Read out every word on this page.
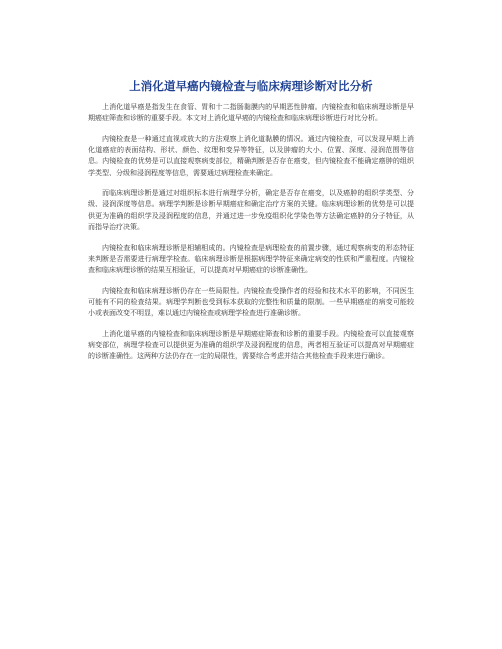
上消化道早癌内镜检查与临床病理诊断对比分析

上消化道早癌是指发生在食管、胃和十二指肠黏膜内的早期恶性肿瘤。内镜检查和临床病理诊断是早期癌症筛查和诊断的重要手段。本文对上消化道早癌的内镜检查和临床病理诊断进行对比分析。

内镜检查是一种通过直视或放大的方法观察上消化道黏膜的情况。通过内镜检查，可以发现早期上消化道癌症的表面结构、形状、颜色、纹理和变异等特征，以及肿瘤的大小、位置、深度、浸润范围等信息。内镜检查的优势是可以直接观察病变部位，精确判断是否存在癌变，但内镜检查不能确定癌肿的组织学类型、分级和浸润程度等信息，需要通过病理检查来确定。

而临床病理诊断是通过对组织标本进行病理学分析，确定是否存在癌变，以及癌肿的组织学类型、分级、浸润深度等信息。病理学判断是诊断早期癌症和确定治疗方案的关键。临床病理诊断的优势是可以提供更为准确的组织学及浸润程度的信息，并通过进一步免疫组织化学染色等方法确定癌肿的分子特征，从而指导治疗决策。

内镜检查和临床病理诊断是相辅相成的。内镜检查是病理检查的前置步骤，通过观察病变的形态特征来判断是否需要进行病理学检查。临床病理诊断是根据病理学特征来确定病变的性质和严重程度。内镜检查和临床病理诊断的结果互相验证，可以提高对早期癌症的诊断准确性。

内镜检查和临床病理诊断仍存在一些局限性。内镜检查受操作者的经验和技术水平的影响，不同医生可能有不同的检查结果。病理学判断也受到标本获取的完整性和质量的限制。一些早期癌症的病变可能较小或表面改变不明显，难以通过内镜检查或病理学检查进行准确诊断。

上消化道早癌的内镜检查和临床病理诊断是早期癌症筛查和诊断的重要手段。内镜检查可以直接观察病变部位，病理学检查可以提供更为准确的组织学及浸润程度的信息，两者相互验证可以提高对早期癌症的诊断准确性。这两种方法仍存在一定的局限性，需要综合考虑并结合其他检查手段来进行确诊。
